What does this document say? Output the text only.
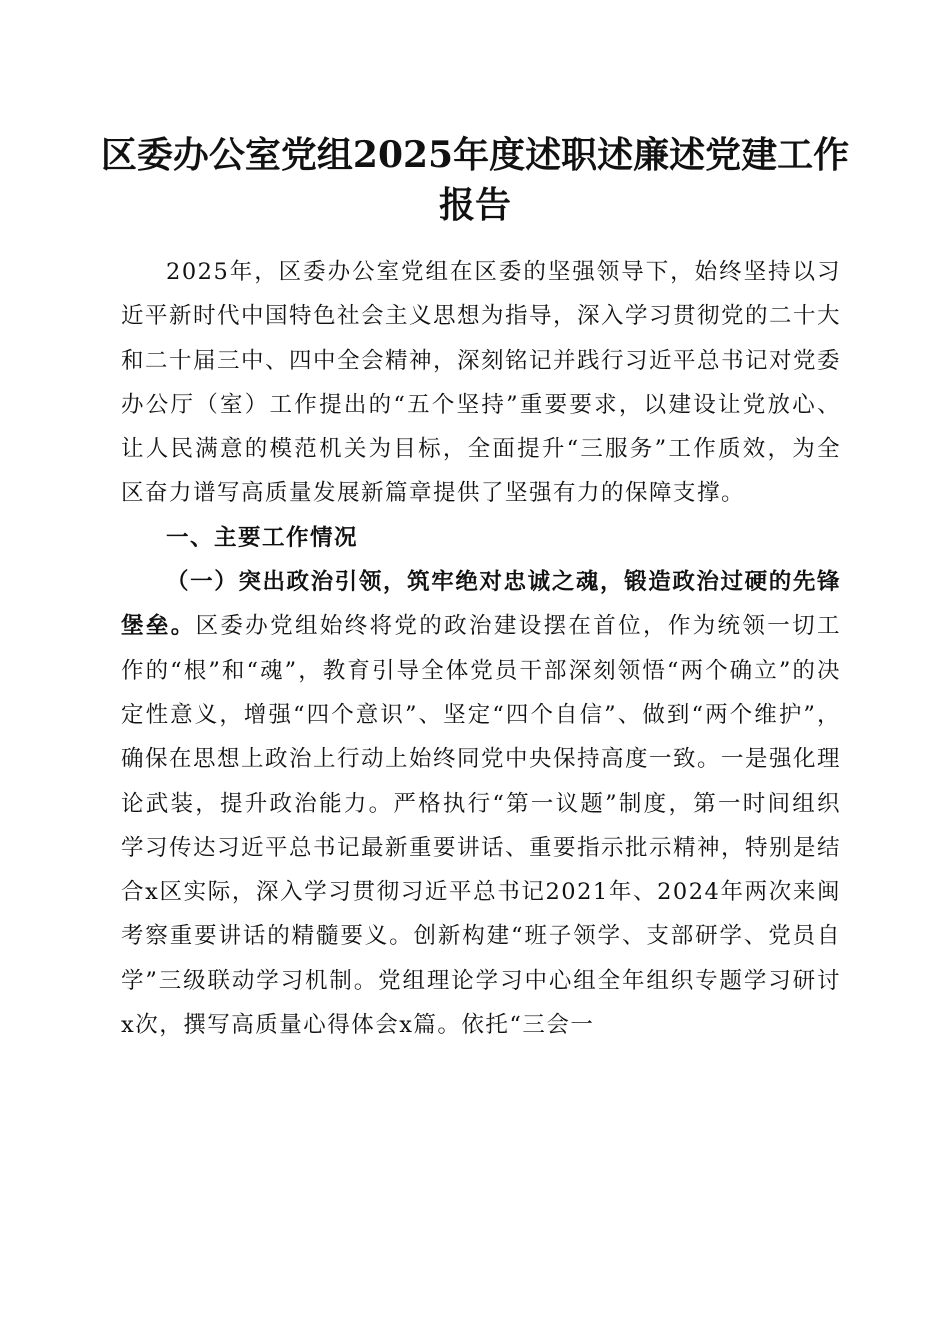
区委办公室党组2025年度述职述廉述党建工作报告

2025年，区委办公室党组在区委的坚强领导下，始终坚持以习近平新时代中国特色社会主义思想为指导，深入学习贯彻党的二十大和二十届三中、四中全会精神，深刻铭记并践行习近平总书记对党委办公厅（室）工作提出的“五个坚持”重要要求，以建设让党放心、让人民满意的模范机关为目标，全面提升“三服务”工作质效，为全区奋力谱写高质量发展新篇章提供了坚强有力的保障支撑。

一、主要工作情况

（一）突出政治引领，筑牢绝对忠诚之魂，锻造政治过硬的先锋堡垒。区委办党组始终将党的政治建设摆在首位，作为统领一切工作的“根”和“魂”，教育引导全体党员干部深刻领悟“两个确立”的决定性意义，增强“四个意识”、坚定“四个自信”、做到“两个维护”，确保在思想上政治上行动上始终同党中央保持高度一致。一是强化理论武装，提升政治能力。严格执行“第一议题”制度，第一时间组织学习传达习近平总书记最新重要讲话、重要指示批示精神，特别是结合x区实际，深入学习贯彻习近平总书记2021年、2024年两次来闽考察重要讲话的精髓要义。创新构建“班子领学、支部研学、党员自学”三级联动学习机制。党组理论学习中心组全年组织专题学习研讨x次，撰写高质量心得体会x篇。依托“三会一
